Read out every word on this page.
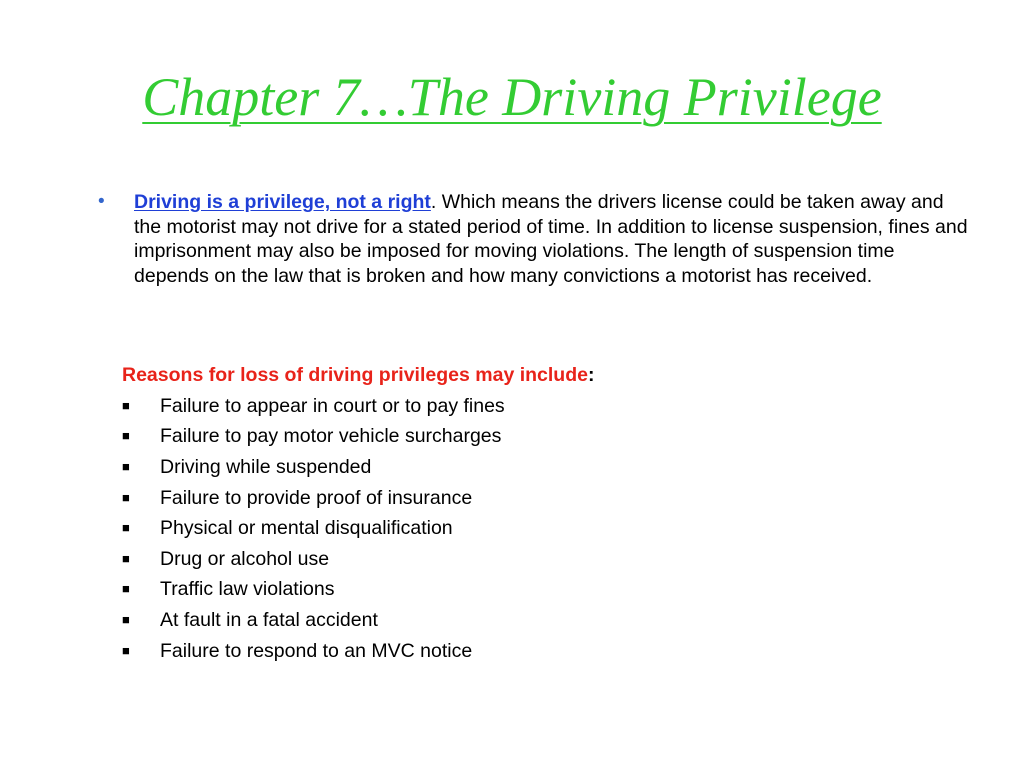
Chapter 7…The Driving Privilege
•	Driving is a privilege, not a right. Which means the drivers license could be taken away and the motorist may not drive for a stated period of time. In addition to license suspension, fines and imprisonment may also be imposed for moving violations. The length of suspension time depends on the law that is broken and how many convictions a motorist has received.
Reasons for loss of driving privileges may include:
■	Failure to appear in court or to pay fines
■	Failure to pay motor vehicle surcharges
■	Driving while suspended
■	Failure to provide proof of insurance
■	Physical or mental disqualification
■	Drug or alcohol use
■	Traffic law violations
■	At fault in a fatal accident
■	Failure to respond to an MVC notice
